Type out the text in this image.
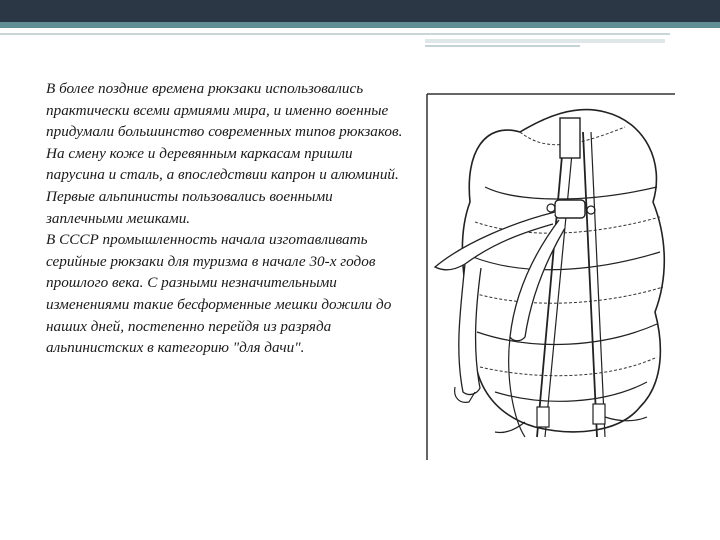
В более поздние времена рюкзаки использовались практически всеми армиями мира, и именно военные придумали большинство современных типов рюкзаков. На смену коже и деревянным каркасам пришли парусина и сталь, а впоследствии капрон и алюминий. Первые альпинисты пользовались военными заплечными мешками.

В СССР промышленность начала изготавливать серийные рюкзаки для туризма в начале 30-х годов прошлого века. С разными незначительными изменениями такие бесформенные мешки дожили до наших дней, постепенно перейдя из разряда альпинистских в категорию "для дачи".
